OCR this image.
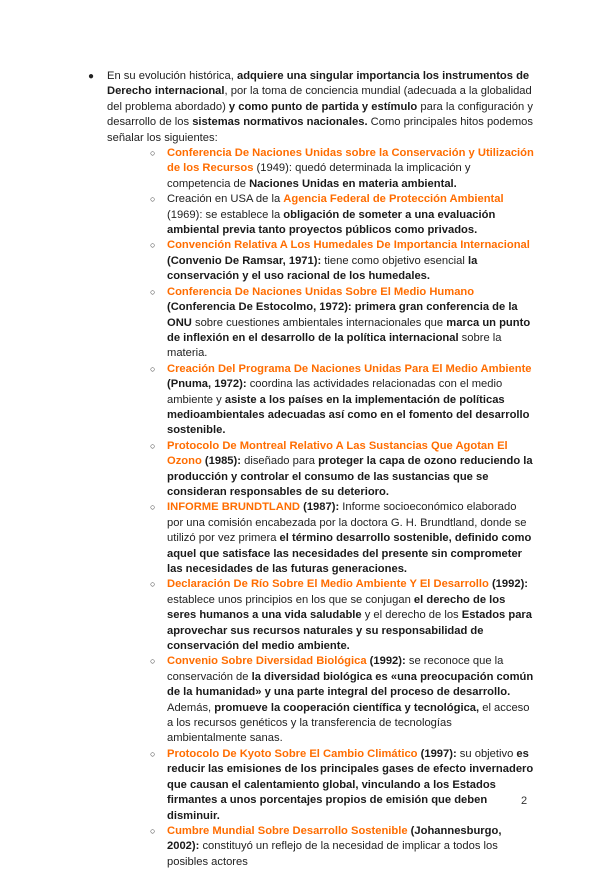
● En su evolución histórica, adquiere una singular importancia los instrumentos de Derecho internacional, por la toma de conciencia mundial (adecuada a la globalidad del problema abordado) y como punto de partida y estímulo para la configuración y desarrollo de los sistemas normativos nacionales. Como principales hitos podemos señalar los siguientes:
○ Conferencia De Naciones Unidas sobre la Conservación y Utilización de los Recursos (1949): quedó determinada la implicación y competencia de Naciones Unidas en materia ambiental.
○ Creación en USA de la Agencia Federal de Protección Ambiental (1969): se establece la obligación de someter a una evaluación ambiental previa tanto proyectos públicos como privados.
○ Convención Relativa A Los Humedales De Importancia Internacional (Convenio De Ramsar, 1971): tiene como objetivo esencial la conservación y el uso racional de los humedales.
○ Conferencia De Naciones Unidas Sobre El Medio Humano (Conferencia De Estocolmo, 1972): primera gran conferencia de la ONU sobre cuestiones ambientales internacionales que marca un punto de inflexión en el desarrollo de la política internacional sobre la materia.
○ Creación Del Programa De Naciones Unidas Para El Medio Ambiente (Pnuma, 1972): coordina las actividades relacionadas con el medio ambiente y asiste a los países en la implementación de políticas medioambientales adecuadas así como en el fomento del desarrollo sostenible.
○ Protocolo De Montreal Relativo A Las Sustancias Que Agotan El Ozono (1985): diseñado para proteger la capa de ozono reduciendo la producción y controlar el consumo de las sustancias que se consideran responsables de su deterioro.
○ INFORME BRUNDTLAND (1987): Informe socioeconómico elaborado por una comisión encabezada por la doctora G. H. Brundtland, donde se utilizó por vez primera el término desarrollo sostenible, definido como aquel que satisface las necesidades del presente sin comprometer las necesidades de las futuras generaciones.
○ Declaración De Río Sobre El Medio Ambiente Y El Desarrollo (1992): establece unos principios en los que se conjugan el derecho de los seres humanos a una vida saludable y el derecho de los Estados para aprovechar sus recursos naturales y su responsabilidad de conservación del medio ambiente.
○ Convenio Sobre Diversidad Biológica (1992): se reconoce que la conservación de la diversidad biológica es «una preocupación común de la humanidad» y una parte integral del proceso de desarrollo. Además, promueve la cooperación científica y tecnológica, el acceso a los recursos genéticos y la transferencia de tecnologías ambientalmente sanas.
○ Protocolo De Kyoto Sobre El Cambio Climático (1997): su objetivo es reducir las emisiones de los principales gases de efecto invernadero que causan el calentamiento global, vinculando a los Estados firmantes a unos porcentajes propios de emisión que deben disminuir.
○ Cumbre Mundial Sobre Desarrollo Sostenible (Johannesburgo, 2002): constituyó un reflejo de la necesidad de implicar a todos los posibles actores
2
